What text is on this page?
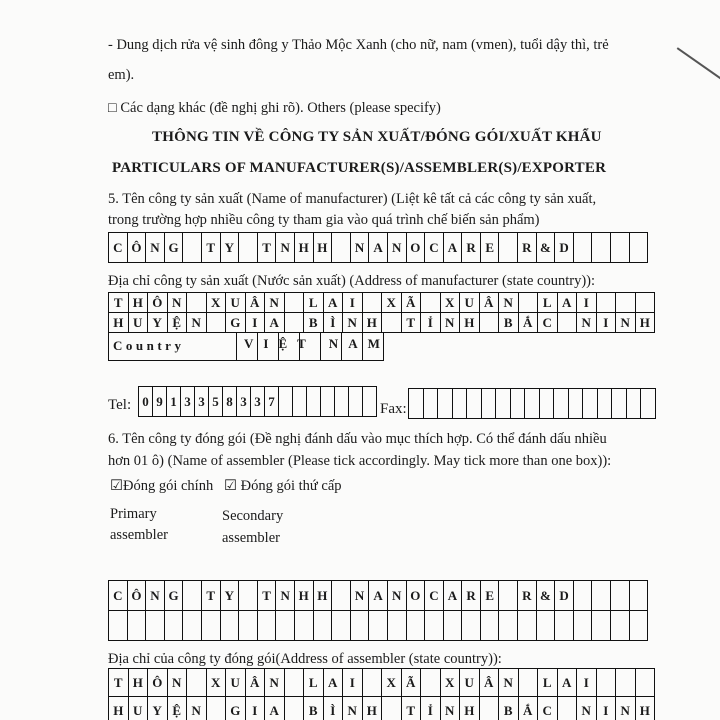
- Dung dịch rửa vệ sinh đông y Thảo Mộc Xanh (cho nữ, nam (vmen), tuổi dậy thì, trẻ
em).
□ Các dạng khác (đề nghị ghi rõ). Others (please specify)
THÔNG TIN VỀ CÔNG TY SẢN XUẤT/ĐÓNG GÓI/XUẤT KHẨU
PARTICULARS OF MANUFACTURER(S)/ASSEMBLER(S)/EXPORTER
5. Tên công ty sản xuất (Name of manufacturer) (Liệt kê tất cả các công ty sản xuất,
trong trường hợp nhiều công ty tham gia vào quá trình chế biến sản phẩm)
C Ô N G	T Y	T N H H	N A N O C A R E	R & D
Địa chỉ công ty sản xuất (Nước sản xuất) (Address of manufacturer (state country)):
T H Ô N	X U Â N	L A I	X Ã	X U Â N	L A I
H U Y Ệ N	G I A	B Ì N H	T Ỉ N H	B Ắ C	N I N H
Country	VIỆT NAM
Tel: 0 9 1 3 3 5 8 3 3 7	Fax:
6. Tên công ty đóng gói (Đề nghị đánh dấu vào mục thích hợp. Có thể đánh dấu nhiều
hơn 01 ô) (Name of assembler (Please tick accordingly. May tick more than one box)):
☑Đóng gói chính ☑ Đóng gói thứ cấp
Primary
assembler
Secondary
assembler
C Ô N G	T Y	T N H H	N A N O C A R E	R & D
Địa chỉ của công ty đóng gói(Address of assembler (state country)):
T H Ô N	X U Â N	L A I	X Ã	X U Â N	L A I
H U Y Ệ N	G I A	B Ì N H	T Ỉ N H	B Ắ C	N I N H
